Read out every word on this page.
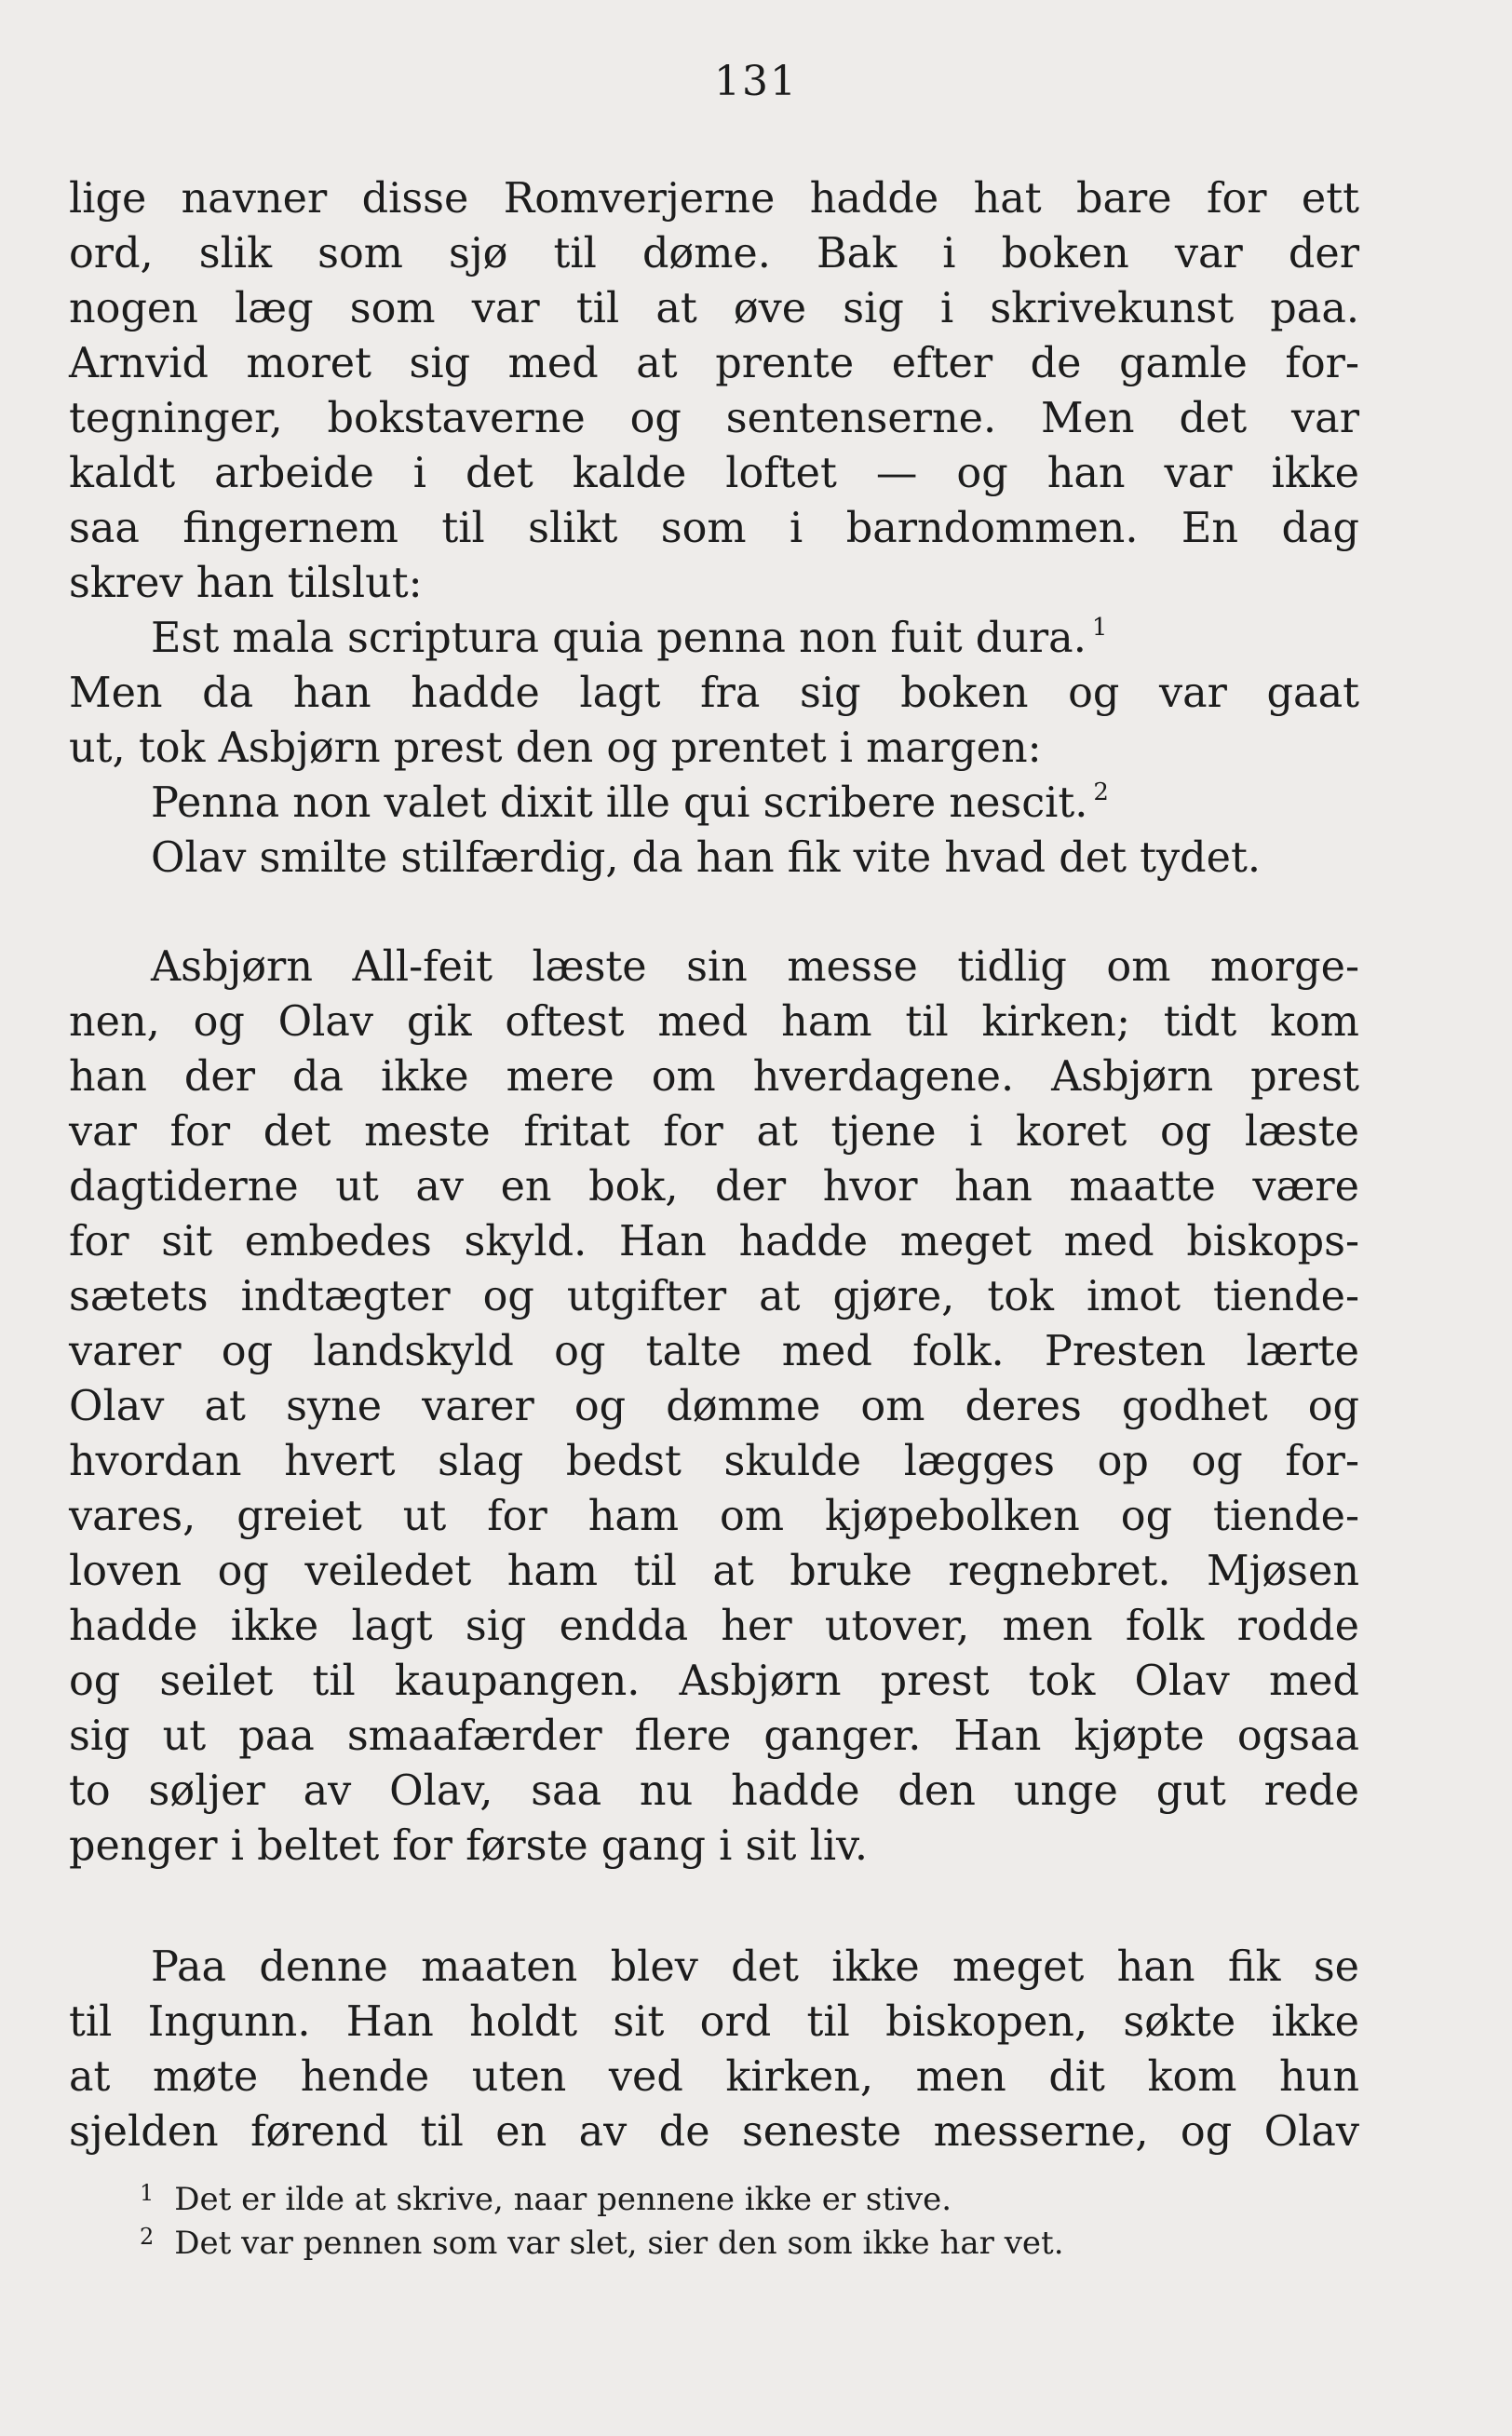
131
lige navner disse Romverjerne hadde hat bare for ett
ord, slik som sjø til døme. Bak i boken var der
nogen læg som var til at øve sig i skrivekunst paa.
Arnvid moret sig med at prente efter de gamle for-
tegninger, bokstaverne og sentenserne. Men det var
kaldt arbeide i det kalde loftet — og han var ikke
saa fingernem til slikt som i barndommen. En dag
skrev han tilslut:
Est mala scriptura quia penna non fuit dura. $^1$
Men da han hadde lagt fra sig boken og var gaat
ut, tok Asbjørn prest den og prentet i margen:
Penna non valet dixit ille qui scribere nescit. $^2$
Olav smilte stilfærdig, da han fik vite hvad det tydet.
Asbjørn All-feit læste sin messe tidlig om morge-
nen, og Olav gik oftest med ham til kirken; tidt kom
han der da ikke mere om hverdagene. Asbjørn prest
var for det meste fritat for at tjene i koret og læste
dagtiderne ut av en bok, der hvor han maatte være
for sit embedes skyld. Han hadde meget med biskops-
sætets indtægter og utgifter at gjøre, tok imot tiende-
varer og landskyld og talte med folk. Presten lærte
Olav at syne varer og dømme om deres godhet og
hvordan hvert slag bedst skulde lægges op og for-
vares, greiet ut for ham om kjøpebolken og tiende-
loven og veiledet ham til at bruke regnebret. Mjøsen
hadde ikke lagt sig endda her utover, men folk rodde
og seilet til kaupangen. Asbjørn prest tok Olav med
sig ut paa smaafærder flere ganger. Han kjøpte ogsaa
to søljer av Olav, saa nu hadde den unge gut rede
penger i beltet for første gang i sit liv.
Paa denne maaten blev det ikke meget han fik se
til Ingunn. Han holdt sit ord til biskopen, søkte ikke
at møte hende uten ved kirken, men dit kom hun
sjelden førend til en av de seneste messerne, og Olav
$^1$ Det er ilde at skrive, naar pennene ikke er stive.
$^2$ Det var pennen som var slet, sier den som ikke har vet.
